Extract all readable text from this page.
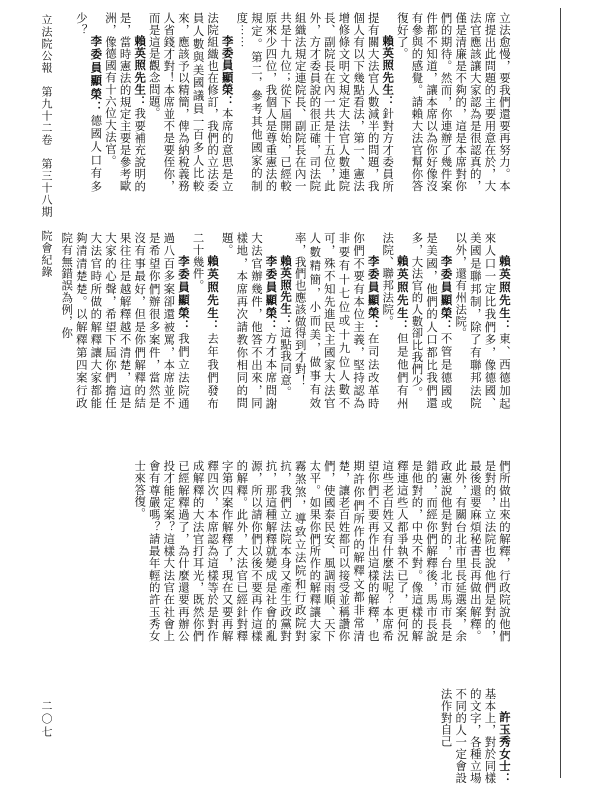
立法愈慢，要我們還要再努力。本席提出此問題的主要用意在於，大法官應該讓大家認為是很認真的，僅是清廉是不夠的，這是本席對你們的期待。然而，你連辦了幾件案件都不知道，讓本席以為你好像沒有參與的感覺。請賴大法官幫你答復好了。

賴英照先生：針對方才委員所提有關大法官人數減半的問題，我個人有以下幾點看法，第一、憲法增修條文明文規定大法官人數連院長、副院長在內一共是十五位，此外，方才委員說的很正確，司法院組織法規定連院長、副院長在內一共是十九位；從下屆開始，已經較原來少四位，我個人是尊重憲法的規定。第二，參考其他國家的制度⋯⋯

李委員顯榮：本席的意思是立法院組織也在修訂，我們的立法委員人數與美國議員一百多人比較來，應該予以精簡，俾為納稅義務人省錢才對！本席並不是要侄你，而是這是觀念問題。

賴英照先生：我要補充說明的是，當時憲法的規定主要是參考歐洲，像德國有十六位大法官。

李委員顯榮：德國人口有多少？

賴英照先生：東、西德加起來人口一定比我們多，像德國、美國是聯邦制，除了有聯邦法院以外，還有州法院。

李委員顯榮：不管是德國或是美國，他們的人口都比我們還多，大法官的人數卻比我們少。

賴英照先生：但是他們有州法院、聯邦法院。

李委員顯榮：在司法改革時你們不要有本位主義，堅持認為非要有十七位或十九位人數不可，殊不知先進民主國家大法官人數精簡，小而美，做事有效率，我們也應該做得到才對！

賴英照先生：這點我同意。

李委員顯榮：方才本席問謝大法官辦幾件，他答不出來，同樣地，本席再次請教你相同的問題。

賴英照先生：去年我們發布二十幾件。

李委員顯榮：我們立法院通過八百多案卻還被罵，本席並不是希望你們辦很多案件，當然是沒有事最好，但是你們解釋的結果往往是越解釋越不清楚，這是大家的心聲，希望下屆你們擔任大法官時所做的解釋讓大家都能夠清清楚楚。以解釋第四案行政院有無錯誤為例，你

們所做出來的解釋，行政院說他們是對的，立法院也說他們是對的，最後還要麻煩秘書長再做出解釋。此外，有關台北市里長延選案，余政憲說他是對的，台北市馬市長是錯的，而經你們解釋後，馬市長說是他對的，中央不對。像這樣的解釋連這些人都爭執不已了，更何況這些老百姓又有什麼法呢？本席希望你們不要再作出這樣的解釋，也期許你們所作的解釋文都非常清楚，讓老百姓都可以接受並稱讚你們，使國泰民安、風調雨順、天下太平。如果你們所作的解釋讓大家霧煞煞，導致立法院和行政院對抗，我們立法院本身又產生政黨對抗，那這種解釋就變成是社會的亂源，所以請你們以後不要再作這樣的解釋。此外，大法官已經針對釋字第四案作解釋了，現在又要再解釋四次，本席認為這樣等於是對作成解釋的大法官打耳光，既然你們已經解釋過了，為什麼還要再辦公投才能定案？這樣大法官在社會上會有尊嚴嗎？請最年輕的許玉秀女士來答復。

許玉秀女士：基本上，對於同樣的文字，各種立場不同的人一定會設法作對自己

立法院公報　第九十二卷　第三十八期　院會紀錄
二〇七
